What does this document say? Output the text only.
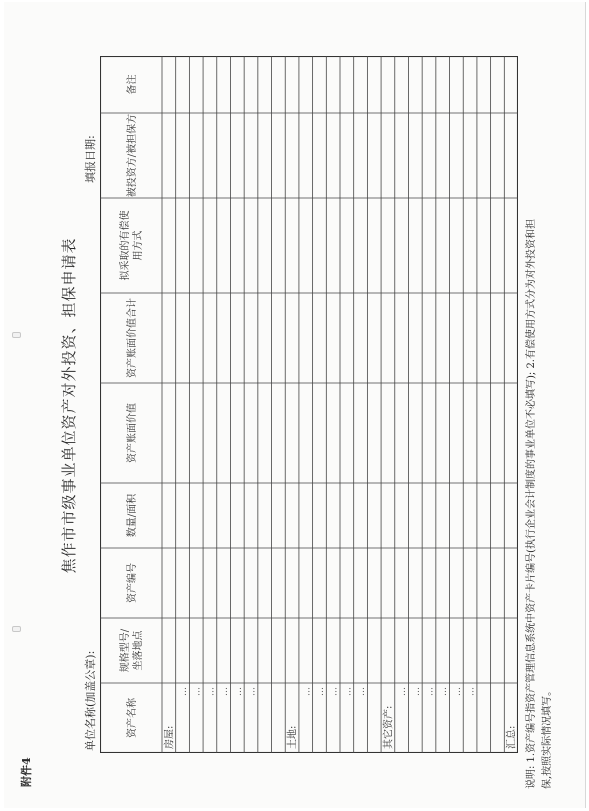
附件4
焦作市市级事业单位资产对外投资、担保申请表
单位名称(加盖公章):
填报日期:
资产名称
规格型号/ 坐落地点
资产编号
数量/面积
资产账面价值
资产账面价值合计
拟采取的有偿使 用方式
被投资方/被担保方
备注
房屋:
… … … … … …
土地:
… … … … …
其它资产:
… … … … … …
汇总: 说明: 1.资产编号指资产管理信息系统中资产卡片编号(执行企业会计制度的事业单位不必填写); 2.有偿使用方式分为对外投资和担 保,按照实际情况填写。
